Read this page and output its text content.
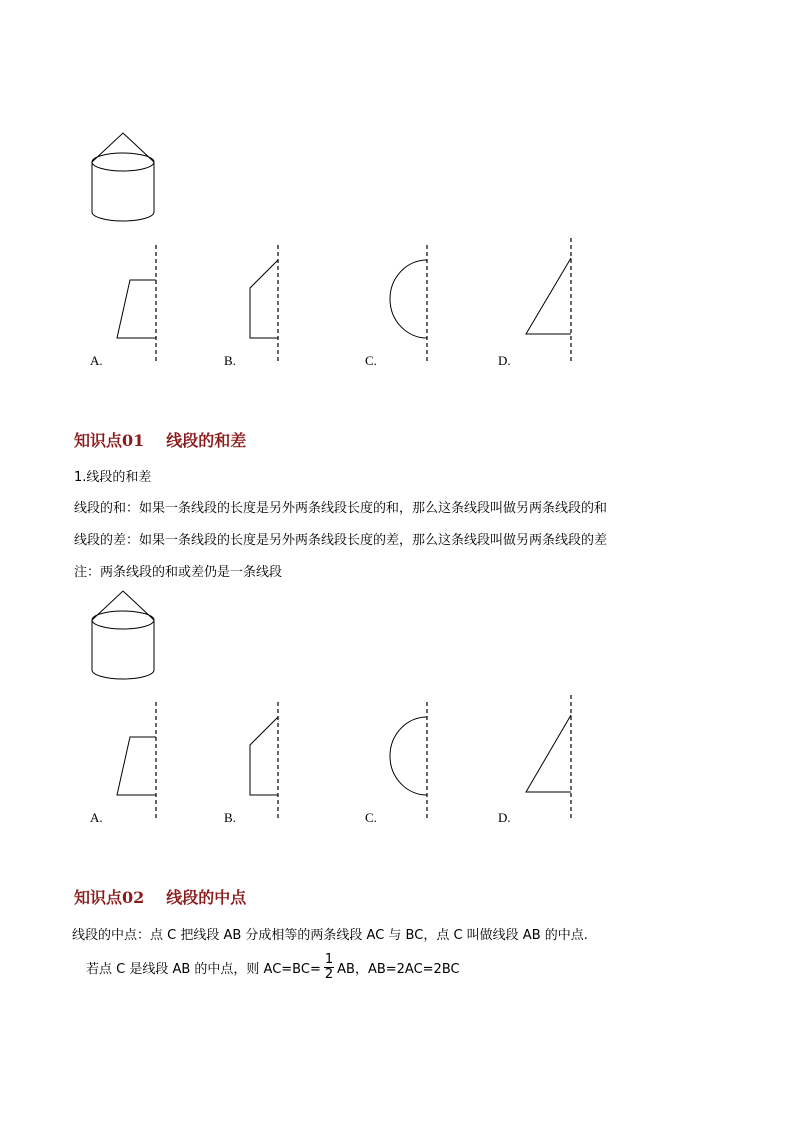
A.	B.	C.	D.
知识点01 线段的和差
1.线段的和差
线段的和：如果一条线段的长度是另外两条线段长度的和，那么这条线段叫做另两条线段的和
线段的差：如果一条线段的长度是另外两条线段长度的差，那么这条线段叫做另两条线段的差
注：两条线段的和或差仍是一条线段
A.	B.	C.	D.
知识点02 线段的中点
线段的中点：点 C 把线段 AB 分成相等的两条线段 AC 与 BC，点 C 叫做线段 AB 的中点.
若点 C 是线段 AB 的中点，则 $AC=BC= \frac{1}{2}$ AB，AB=2AC=2BC
